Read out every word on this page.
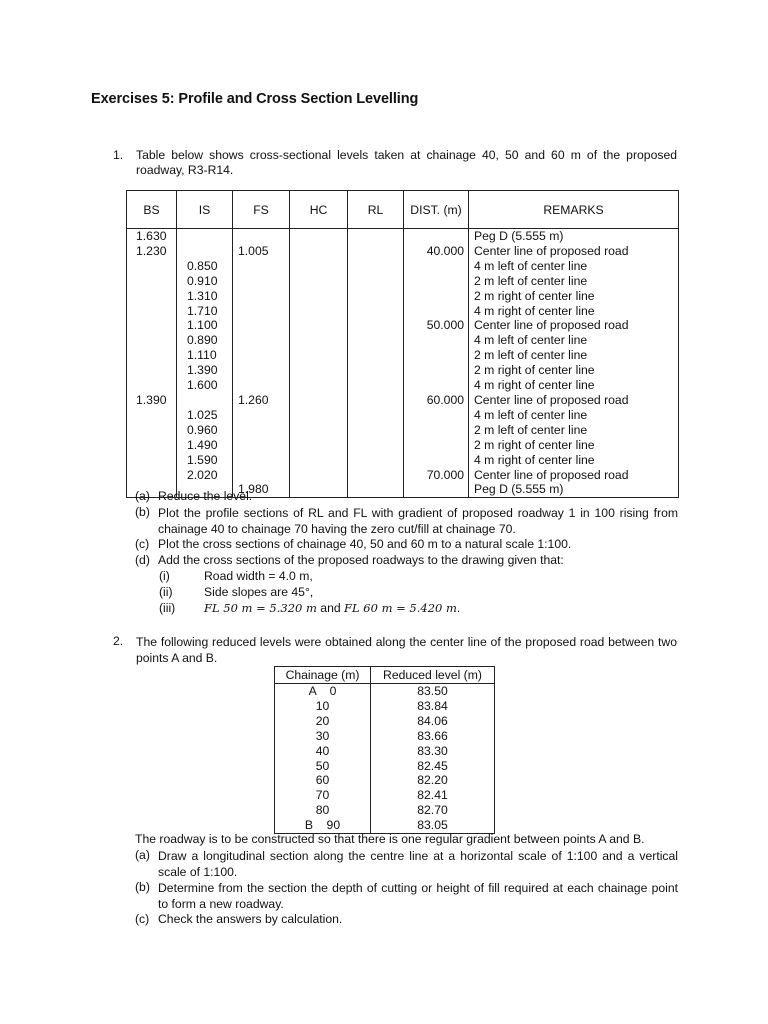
Exercises 5: Profile and Cross Section Levelling
1. Table below shows cross-sectional levels taken at chainage 40, 50 and 60 m of the proposed roadway, R3-R14.
BS	IS	FS	HC	RL	DIST. (m)	REMARKS
1.630						Peg D (5.555 m)
1.230		1.005			40.000	Center line of proposed road
	0.850					4 m left of center line
	0.910					2 m left of center line
	1.310					2 m right of center line
	1.710					4 m right of center line
	1.100				50.000	Center line of proposed road
	0.890					4 m left of center line
	1.110					2 m left of center line
	1.390					2 m right of center line
	1.600					4 m right of center line
1.390		1.260			60.000	Center line of proposed road
	1.025					4 m left of center line
	0.960					2 m left of center line
	1.490					2 m right of center line
	1.590					4 m right of center line
	2.020				70.000	Center line of proposed road
		1.980				Peg D (5.555 m)
(a) Reduce the level.
(b) Plot the profile sections of RL and FL with gradient of proposed roadway 1 in 100 rising from chainage 40 to chainage 70 having the zero cut/fill at chainage 70.
(c) Plot the cross sections of chainage 40, 50 and 60 m to a natural scale 1:100.
(d) Add the cross sections of the proposed roadways to the drawing given that:
(i)	Road width = 4.0 m,
(ii)	Side slopes are 45°,
(iii)	FL 50 m = 5.320 m and FL 60 m = 5.420 m.
2. The following reduced levels were obtained along the center line of the proposed road between two points A and B.
Chainage (m)	Reduced level (m)
A    0	83.50
10	83.84
20	84.06
30	83.66
40	83.30
50	82.45
60	82.20
70	82.41
80	82.70
B    90	83.05
The roadway is to be constructed so that there is one regular gradient between points A and B.
(a) Draw a longitudinal section along the centre line at a horizontal scale of 1:100 and a vertical scale of 1:100.
(b) Determine from the section the depth of cutting or height of fill required at each chainage point to form a new roadway.
(c) Check the answers by calculation.
